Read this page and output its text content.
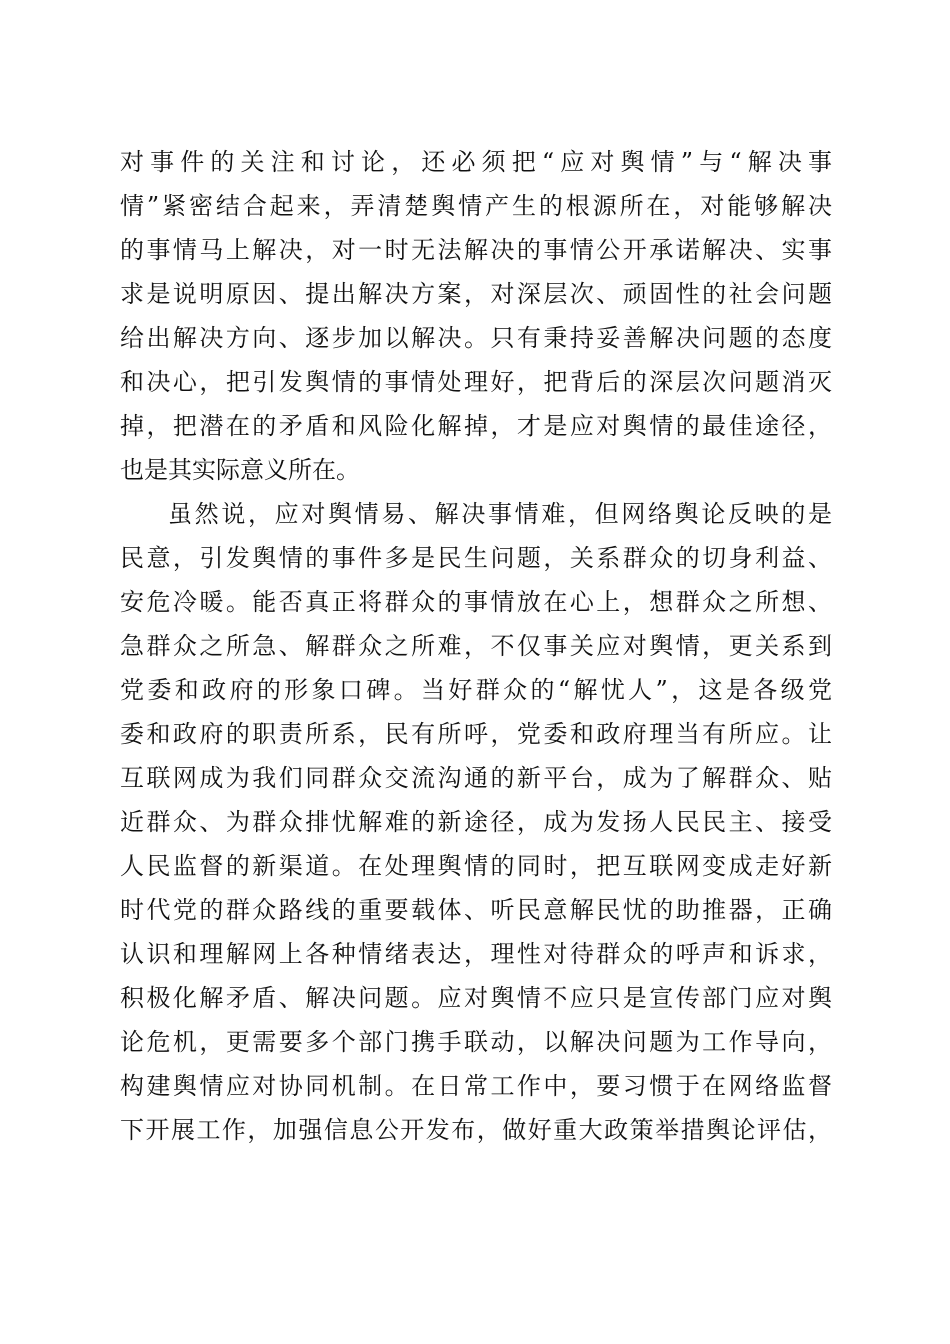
对事件的关注和讨论，还必须把“应对舆情”与“解决事
情”紧密结合起来，弄清楚舆情产生的根源所在，对能够解决
的事情马上解决，对一时无法解决的事情公开承诺解决、实事
求是说明原因、提出解决方案，对深层次、顽固性的社会问题
给出解决方向、逐步加以解决。只有秉持妥善解决问题的态度
和决心，把引发舆情的事情处理好，把背后的深层次问题消灭
掉，把潜在的矛盾和风险化解掉，才是应对舆情的最佳途径，
也是其实际意义所在。
虽然说，应对舆情易、解决事情难，但网络舆论反映的是
民意，引发舆情的事件多是民生问题，关系群众的切身利益、
安危冷暖。能否真正将群众的事情放在心上，想群众之所想、
急群众之所急、解群众之所难，不仅事关应对舆情，更关系到
党委和政府的形象口碑。当好群众的“解忧人”，这是各级党
委和政府的职责所系，民有所呼，党委和政府理当有所应。让
互联网成为我们同群众交流沟通的新平台，成为了解群众、贴
近群众、为群众排忧解难的新途径，成为发扬人民民主、接受
人民监督的新渠道。在处理舆情的同时，把互联网变成走好新
时代党的群众路线的重要载体、听民意解民忧的助推器，正确
认识和理解网上各种情绪表达，理性对待群众的呼声和诉求，
积极化解矛盾、解决问题。应对舆情不应只是宣传部门应对舆
论危机，更需要多个部门携手联动，以解决问题为工作导向，
构建舆情应对协同机制。在日常工作中，要习惯于在网络监督
下开展工作，加强信息公开发布，做好重大政策举措舆论评估，
